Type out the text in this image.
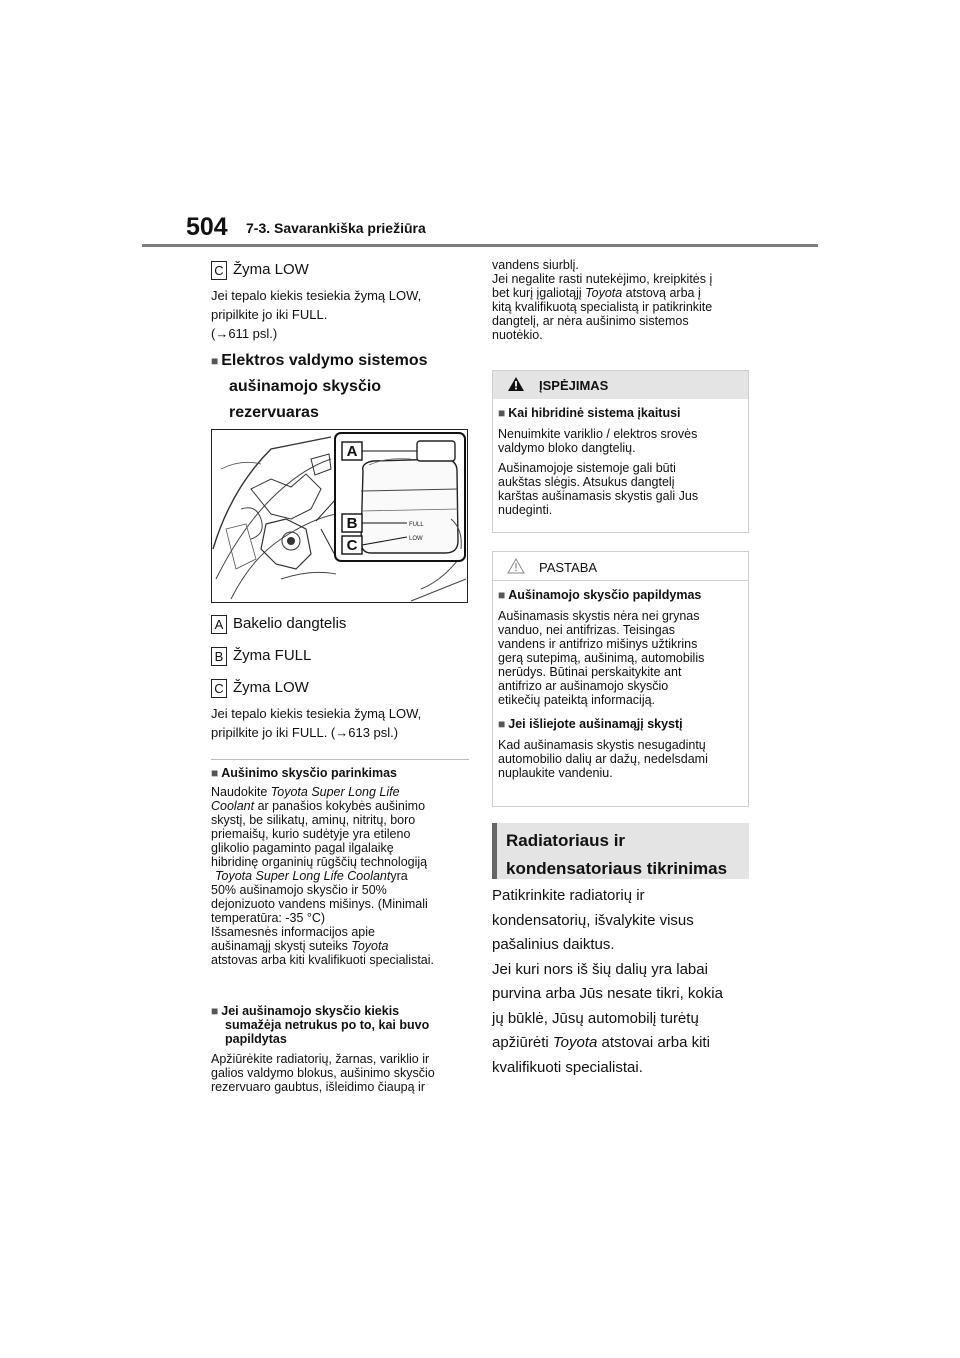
504 7-3. Savarankiška priežiūra
C Žyma LOW
Jei tepalo kiekis tesiekia žymą LOW,
pripilkite jo iki FULL.
(→611 psl.)
■ Elektros valdymo sistemos
aušinamojo skysčio
rezervuaras
A
B
C
FULL
LOW
A Bakelio dangtelis
B Žyma FULL
C Žyma LOW
Jei tepalo kiekis tesiekia žymą LOW,
pripilkite jo iki FULL. (→613 psl.)
■ Aušinimo skysčio parinkimas
Naudokite Toyota Super Long Life
Coolant ar panašios kokybės aušinimo
skystį, be silikatų, aminų, nitritų, boro
priemaišų, kurio sudėtyje yra etileno
glikolio pagaminto pagal ilgalaikę
hibridinę organinių rūgščių technologiją
Toyota Super Long Life Coolantyra
50% aušinamojo skysčio ir 50%
dejonizuoto vandens mišinys. (Minimali
temperatūra: -35 °C)
Išsamesnės informacijos apie
aušinamąjį skystį suteiks Toyota
atstovas arba kiti kvalifikuoti specialistai.
■ Jei aušinamojo skysčio kiekis
sumažėja netrukus po to, kai buvo
papildytas
Apžiūrėkite radiatorių, žarnas, variklio ir
galios valdymo blokus, aušinimo skysčio
rezervuaro gaubtus, išleidimo čiaupą ir
vandens siurblį.
Jei negalite rasti nutekėjimo, kreipkitės į
bet kurį įgaliotąjį Toyota atstovą arba į
kitą kvalifikuotą specialistą ir patikrinkite
dangtelį, ar nėra aušinimo sistemos
nuotėkio.
ĮSPĖJIMAS
■ Kai hibridinė sistema įkaitusi
Nenuimkite variklio / elektros srovės
valdymo bloko dangtelių.
Aušinamojoje sistemoje gali būti
aukštas slėgis. Atsukus dangtelį
karštas aušinamasis skystis gali Jus
nudeginti.
PASTABA
■ Aušinamojo skysčio papildymas
Aušinamasis skystis nėra nei grynas
vanduo, nei antifrizas. Teisingas
vandens ir antifrizo mišinys užtikrins
gerą sutepimą, aušinimą, automobilis
nerūdys. Būtinai perskaitykite ant
antifrizo ar aušinamojo skysčio
etikečių pateiktą informaciją.
■ Jei išliejote aušinamąjį skystį
Kad aušinamasis skystis nesugadintų
automobilio dalių ar dažų, nedelsdami
nuplaukite vandeniu.
Radiatoriaus ir
kondensatoriaus tikrinimas
Patikrinkite radiatorių ir
kondensatorių, išvalykite visus
pašalinius daiktus.
Jei kuri nors iš šių dalių yra labai
purvina arba Jūs nesate tikri, kokia
jų būklė, Jūsų automobilį turėtų
apžiūrėti Toyota atstovai arba kiti
kvalifikuoti specialistai.
